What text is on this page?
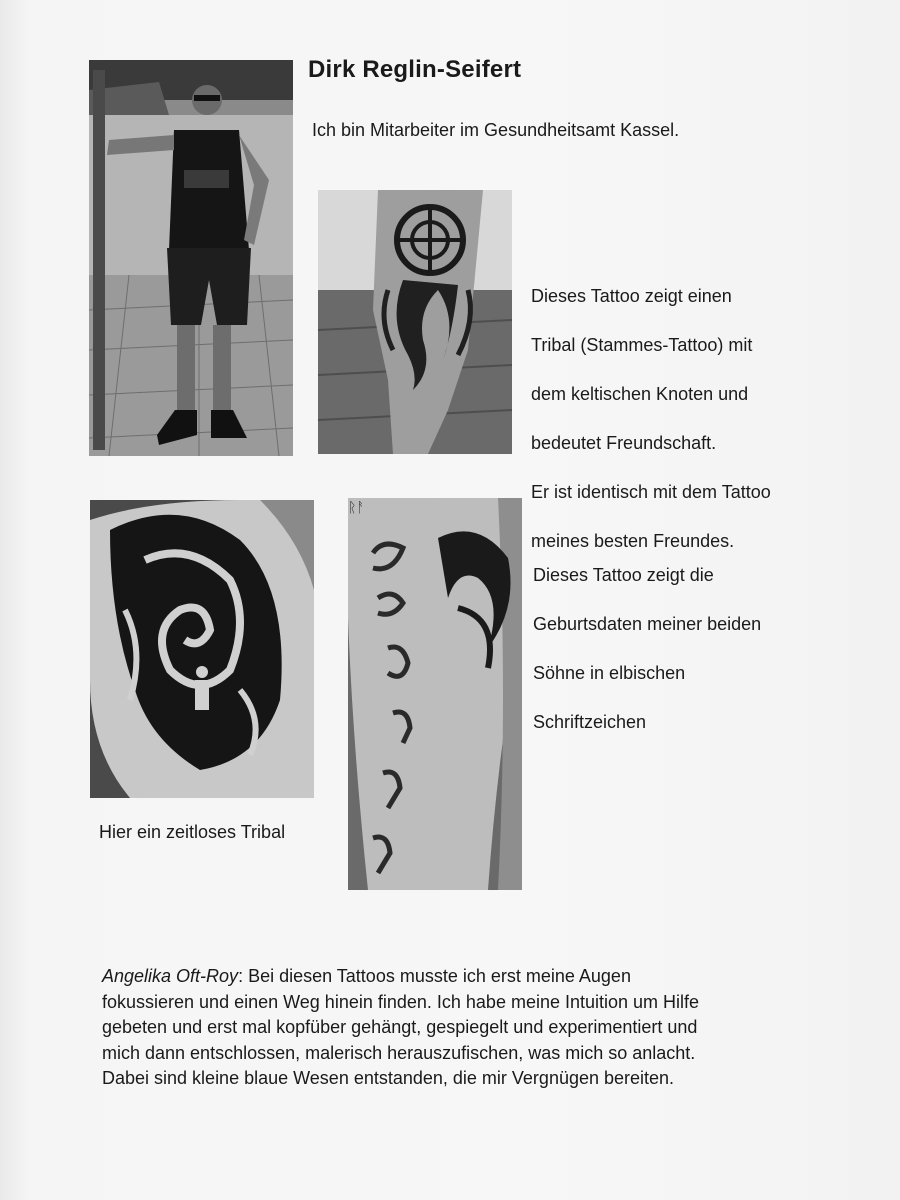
Dirk Reglin-Seifert
Ich bin Mitarbeiter im Gesundheitsamt Kassel.

Dieses Tattoo zeigt einen

Tribal (Stammes-Tattoo) mit

dem keltischen Knoten und

bedeutet Freundschaft.

Er ist identisch mit dem Tattoo

meines besten Freundes.

ᚱᚨ

Dieses Tattoo zeigt die

Geburtsdaten meiner beiden

Söhne in elbischen

Schriftzeichen

Hier ein zeitloses Tribal
Angelika Oft-Roy: Bei diesen Tattoos musste ich erst meine Augen
fokussieren und einen Weg hinein finden. Ich habe meine Intuition um Hilfe
gebeten und erst mal kopfüber gehängt, gespiegelt und experimentiert und
mich dann entschlossen, malerisch herauszufischen, was mich so anlacht.
Dabei sind kleine blaue Wesen entstanden, die mir Vergnügen bereiten.
